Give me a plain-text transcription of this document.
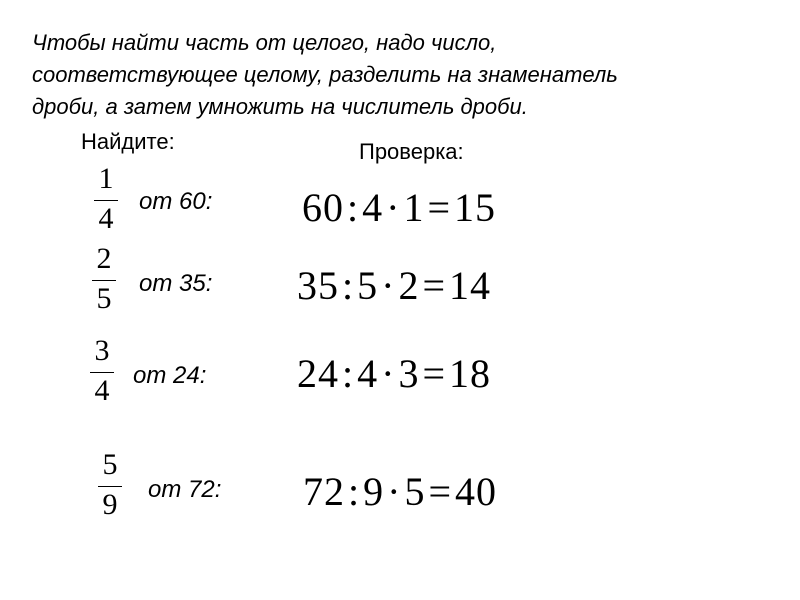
Чтобы найти часть от целого, надо число,
соответствующее целому, разделить на знаменатель
дроби, а затем умножить на числитель дроби.
Найдите:	Проверка:
1
4
от 60: 60:4·1=15
2
5	от 35: 35:5·2=14
3
4 от 24: 24:4·3=18
5
9	от 72: 72:9·5=40
